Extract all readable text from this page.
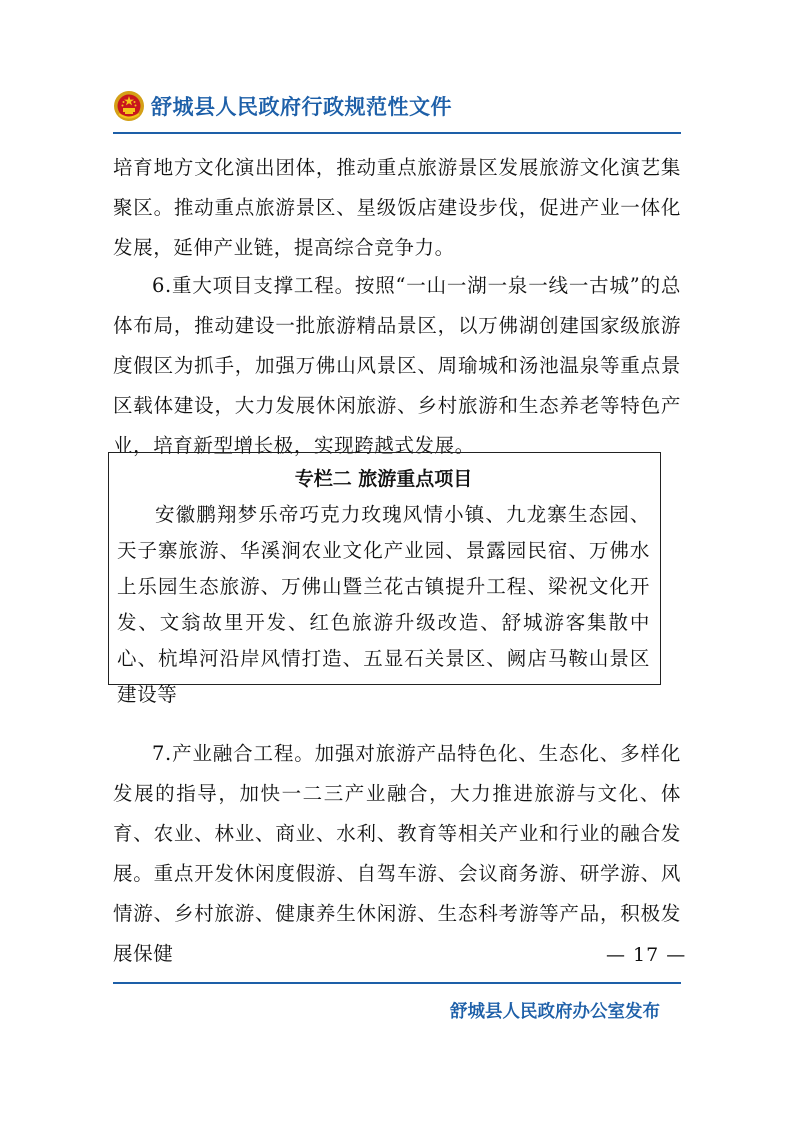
舒城县人民政府行政规范性文件

培育地方文化演出团体，推动重点旅游景区发展旅游文化演艺集聚区。推动重点旅游景区、星级饭店建设步伐，促进产业一体化发展，延伸产业链，提高综合竞争力。

6.重大项目支撑工程。按照“一山一湖一泉一线一古城”的总体布局，推动建设一批旅游精品景区，以万佛湖创建国家级旅游度假区为抓手，加强万佛山风景区、周瑜城和汤池温泉等重点景区载体建设，大力发展休闲旅游、乡村旅游和生态养老等特色产业，培育新型增长极，实现跨越式发展。

专栏二 旅游重点项目

安徽鹏翔梦乐帝巧克力玫瑰风情小镇、九龙寨生态园、天子寨旅游、华溪涧农业文化产业园、景露园民宿、万佛水上乐园生态旅游、万佛山暨兰花古镇提升工程、梁祝文化开发、文翁故里开发、红色旅游升级改造、舒城游客集散中心、杭埠河沿岸风情打造、五显石关景区、阙店马鞍山景区建设等

7.产业融合工程。加强对旅游产品特色化、生态化、多样化发展的指导，加快一二三产业融合，大力推进旅游与文化、体育、农业、林业、商业、水利、教育等相关产业和行业的融合发展。重点开发休闲度假游、自驾车游、会议商务游、研学游、风情游、乡村旅游、健康养生休闲游、生态科考游等产品，积极发展保健	— 17 —
舒城县人民政府办公室发布
